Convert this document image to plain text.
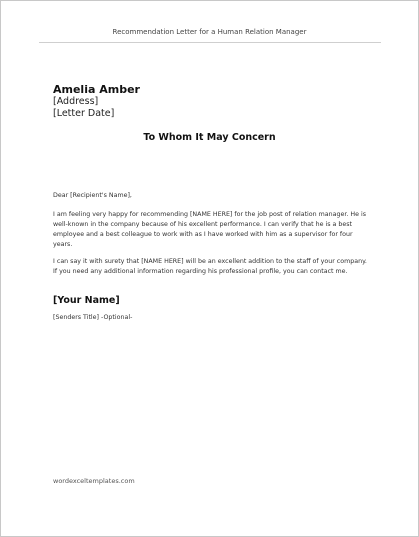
Recommendation Letter for a Human Relation Manager
Amelia Amber
[Address]
[Letter Date]
To Whom It May Concern

Dear [Recipient's Name],

I am feeling very happy for recommending [NAME HERE] for the job post of relation manager. He is well-known in the company because of his excellent performance. I can verify that he is a best employee and a best colleague to work with as I have worked with him as a supervisor for four years.

I can say it with surety that [NAME HERE] will be an excellent addition to the staff of your company. If you need any additional information regarding his professional profile, you can contact me.

[Your Name]
[Senders Title] -Optional-
wordexceltemplates.com
